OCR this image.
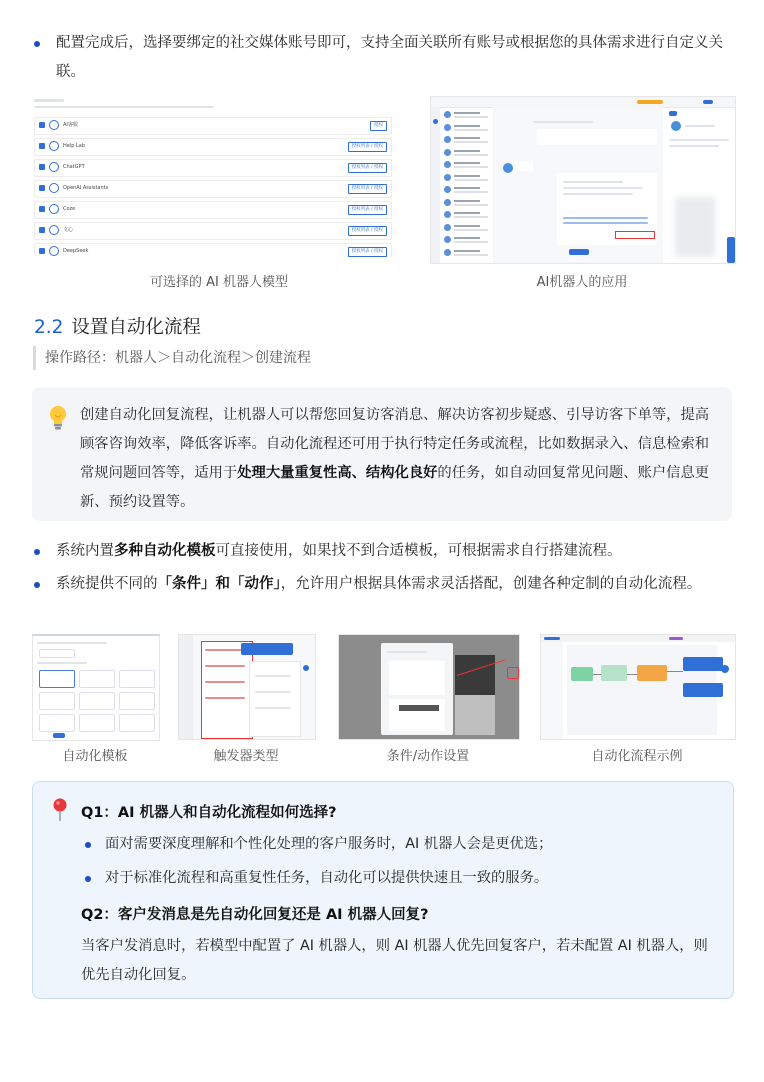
配置完成后，选择要绑定的社交媒体账号即可，支持全面关联所有账号或根据您的具体需求进行自定义关联。
AI客服	授权
Help Lab	授权列表 / 授权
ChatGPT	授权列表 / 授权
OpenAI Assistants	授权列表 / 授权
Coze	授权列表 / 授权
文心	授权列表 / 授权
DeepSeek	授权列表 / 授权
可选择的 AI 机器人模型	AI机器人的应用
2.2 设置自动化流程
操作路径：机器人＞自动化流程＞创建流程
创建自动化回复流程，让机器人可以帮您回复访客消息、解决访客初步疑惑、引导访客下单等，提高顾客咨询效率，降低客诉率。自动化流程还可用于执行特定任务或流程，比如数据录入、信息检索和常规问题回答等，适用于处理大量重复性高、结构化良好的任务，如自动回复常见问题、账户信息更新、预约设置等。
系统内置多种自动化模板可直接使用，如果找不到合适模板，可根据需求自行搭建流程。
系统提供不同的「条件」和「动作」，允许用户根据具体需求灵活搭配，创建各种定制的自动化流程。
自动化模板	触发器类型	条件/动作设置	自动化流程示例
Q1：AI 机器人和自动化流程如何选择?
面对需要深度理解和个性化处理的客户服务时，AI 机器人会是更优选；
对于标准化流程和高重复性任务，自动化可以提供快速且一致的服务。
Q2：客户发消息是先自动化回复还是 AI 机器人回复?
当客户发消息时，若模型中配置了 AI 机器人，则 AI 机器人优先回复客户，若未配置 AI 机器人，则优先自动化回复。
